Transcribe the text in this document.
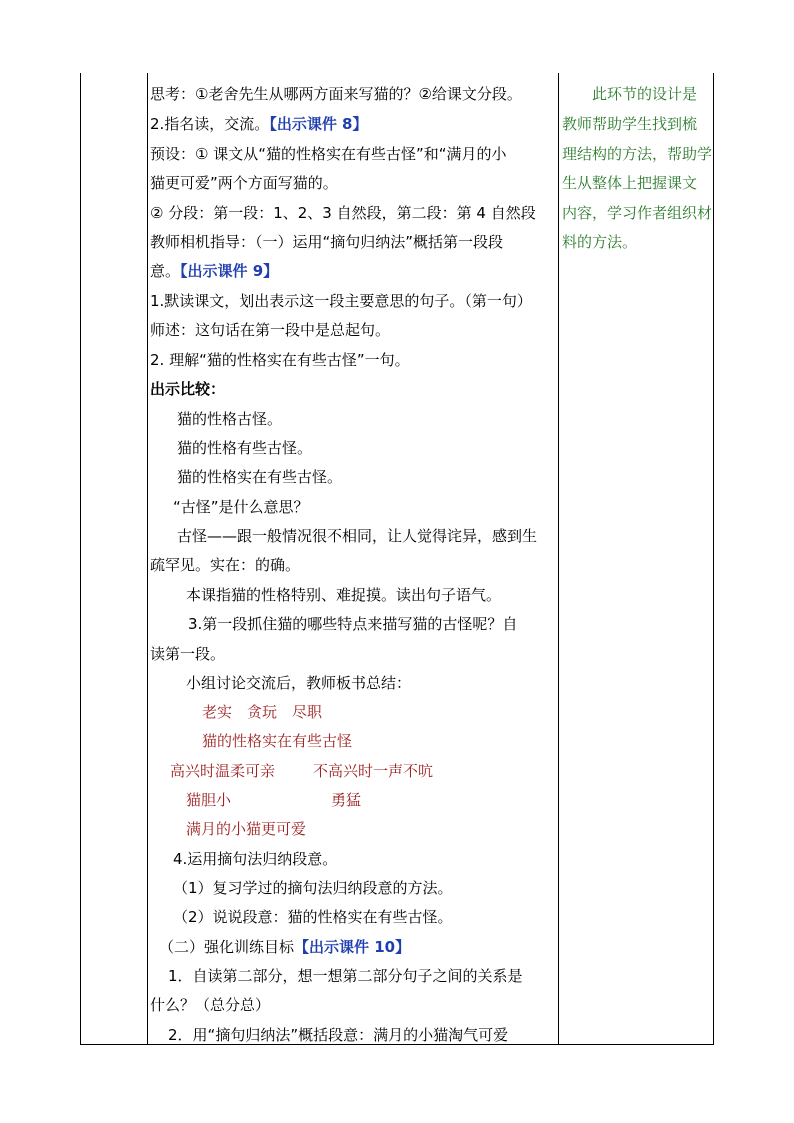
思考：①老舍先生从哪两方面来写猫的？②给课文分段。
2.指名读，交流。【出示课件 8】
预设：① 课文从“猫的性格实在有些古怪”和“满月的小
猫更可爱”两个方面写猫的。
② 分段：第一段：1、2、3 自然段，第二段：第 4 自然段
教师相机指导：（一）运用“摘句归纳法”概括第一段段
意。【出示课件 9】
1.默读课文，划出表示这一段主要意思的句子。（第一句）
师述：这句话在第一段中是总起句。
2. 理解“猫的性格实在有些古怪”一句。
出示比较：
猫的性格古怪。
猫的性格有些古怪。
猫的性格实在有些古怪。
“古怪”是什么意思？
古怪——跟一般情况很不相同，让人觉得诧异，感到生
疏罕见。实在：的确。
本课指猫的性格特别、难捉摸。读出句子语气。
3.第一段抓住猫的哪些特点来描写猫的古怪呢？自
读第一段。
小组讨论交流后，教师板书总结：
老实　贪玩　尽职
猫的性格实在有些古怪
高兴时温柔可亲	不高兴时一声不吭
猫胆小	勇猛
满月的小猫更可爱
4.运用摘句法归纳段意。
（1）复习学过的摘句法归纳段意的方法。
（2）说说段意：猫的性格实在有些古怪。
（二）强化训练目标【出示课件 10】
1．自读第二部分，想一想第二部分句子之间的关系是
什么？（总分总）
2．用“摘句归纳法”概括段意：满月的小猫淘气可爱
此环节的设计是
教师帮助学生找到梳
理结构的方法，帮助学
生从整体上把握课文
内容，学习作者组织材
料的方法。
